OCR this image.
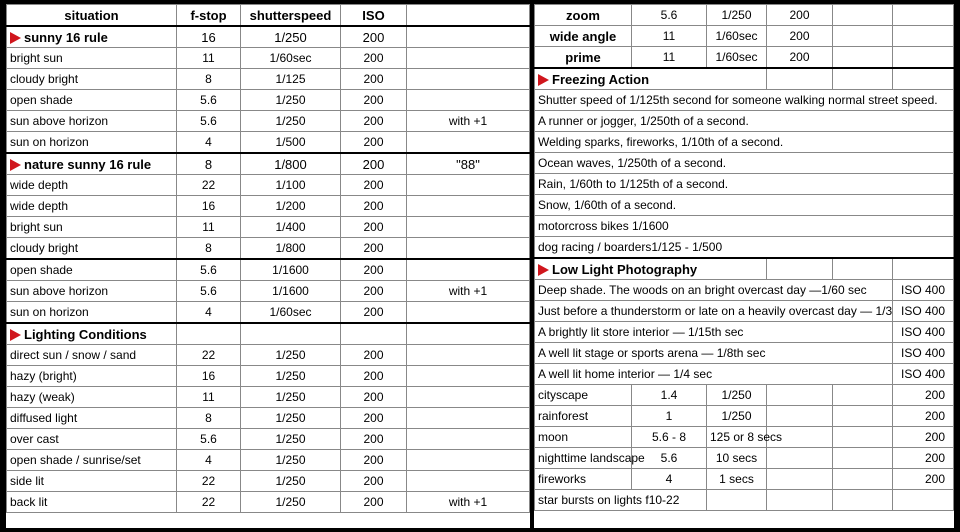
situation	f-stop	shutterspeed	ISO	
sunny 16 rule	16	1/250	200	
bright sun	11	1/60sec	200	
cloudy bright	8	1/125	200	
open shade	5.6	1/250	200	
sun above horizon	5.6	1/250	200	with +1
sun on horizon	4	1/500	200	
nature sunny 16 rule	8	1/800	200	"88"
wide depth	22	1/100	200	
wide depth	16	1/200	200	
bright sun	11	1/400	200	
cloudy bright	8	1/800	200	
open shade	5.6	1/1600	200	
sun above horizon	5.6	1/1600	200	with +1
sun on horizon	4	1/60sec	200	
Lighting Conditions				
direct sun / snow / sand	22	1/250	200	
hazy (bright)	16	1/250	200	
hazy (weak)	11	1/250	200	
diffused light	8	1/250	200	
over cast	5.6	1/250	200	
open shade / sunrise/set	4	1/250	200	
side lit	22	1/250	200	
back lit	22	1/250	200	with +1
zoom	5.6	1/250	200		
wide angle	11	1/60sec	200		
prime	11	1/60sec	200		
Freezing Action					
Shutter speed of 1/125th second for someone walking normal street speed.					
A runner or jogger, 1/250th of a second.					
Welding sparks, fireworks, 1/10th of a second.					
Ocean waves, 1/250th of a second.					
Rain, 1/60th to 1/125th of a second.					
Snow, 1/60th of a second.					
motorcross bikes 1/1600					
dog racing / boarders1/125 - 1/500					
Low Light Photography					
Deep shade. The woods on an bright overcast day —1/60 sec					ISO 400
Just before a thunderstorm or late on a heavily overcast day — 1/3					ISO 400
A brightly lit store interior — 1/15th sec					ISO 400
A well lit stage or sports arena — 1/8th sec					ISO 400
A well lit home interior — 1/4 sec					ISO 400
cityscape	1.4	1/250			200
rainforest	1	1/250			200
moon	5.6 - 8	125 or 8 secs			200
nighttime landscape	5.6	10 secs			200
fireworks	4	1 secs			200
star bursts on lights f10-22					
